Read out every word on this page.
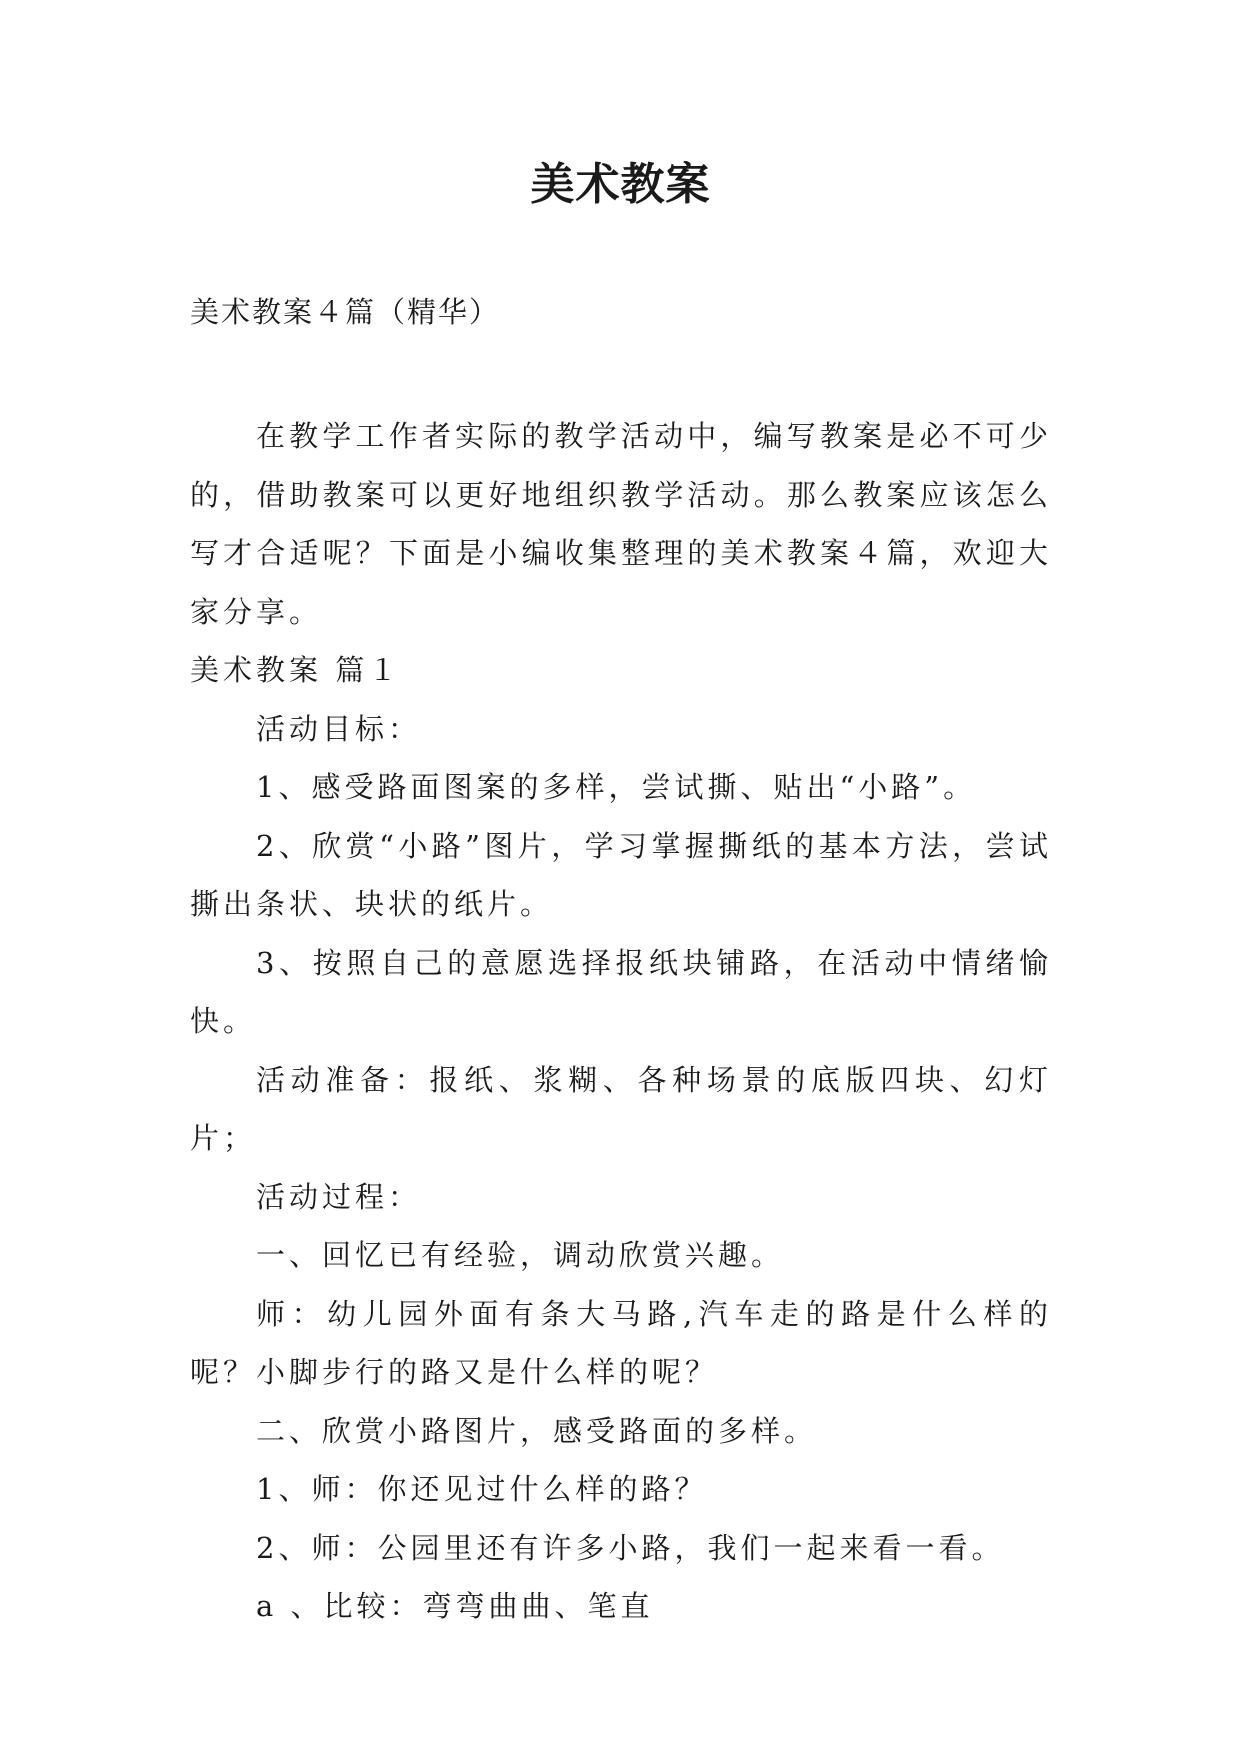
美术教案

美术教案４篇（精华）

在教学工作者实际的教学活动中，编写教案是必不可少的，借助教案可以更好地组织教学活动。那么教案应该怎么写才合适呢？下面是小编收集整理的美术教案４篇，欢迎大家分享。

美术教案 篇１

活动目标：

1、感受路面图案的多样，尝试撕、贴出“小路”。

2、欣赏“小路”图片，学习掌握撕纸的基本方法，尝试撕出条状、块状的纸片。

3、按照自己的意愿选择报纸块铺路，在活动中情绪愉快。

活动准备：报纸、浆糊、各种场景的底版四块、幻灯片；

活动过程：

一、回忆已有经验，调动欣赏兴趣。

师：幼儿园外面有条大马路,汽车走的路是什么样的呢？小脚步行的路又是什么样的呢？

二、欣赏小路图片，感受路面的多样。

1、师：你还见过什么样的路？

2、师：公园里还有许多小路，我们一起来看一看。

a 、比较：弯弯曲曲、笔直
